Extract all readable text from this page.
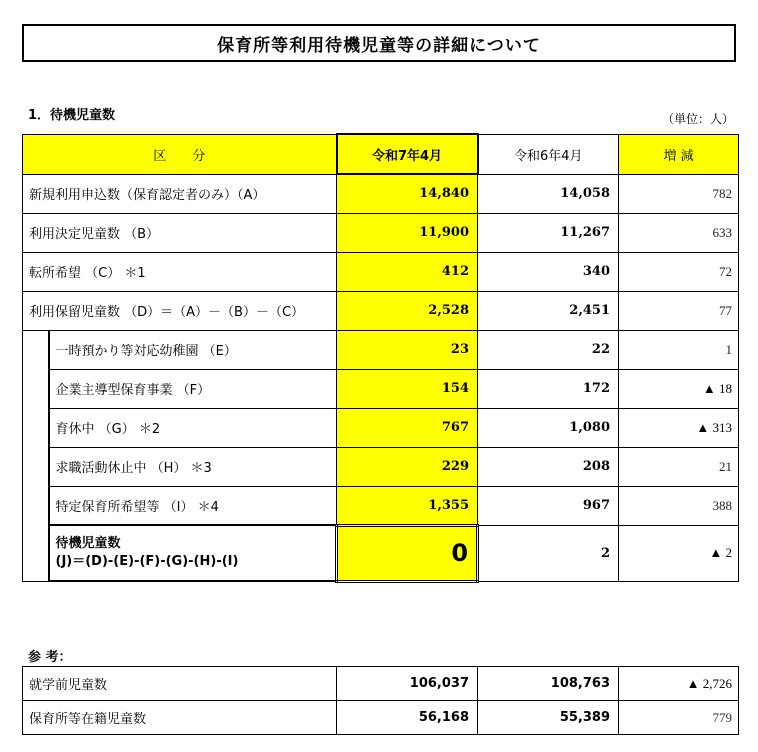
保育所等利用待機児童等の詳細について
1．待機児童数	（単位：人）
区　　分		令和7年4月	令和6年4月	増 減
新規利用申込数（保育認定者のみ）（A）		14,840	14,058	782
利用決定児童数 （B）		11,900	11,267	633
転所希望 （C） ＊1		412	340	72
利用保留児童数 （D）＝（A）－（B）－（C）		2,528	2,451	77
	一時預かり等対応幼稚園 （E）	23	22	1
	企業主導型保育事業 （F）	154	172	▲ 18
	育休中 （G） ＊2	767	1,080	▲ 313
	求職活動休止中 （H） ＊3	229	208	21
	特定保育所希望等 （I） ＊4	1,355	967	388

	待機児童数
(J)＝(D)-(E)-(F)-(G)-(H)-(I)	0	2	▲ 2
参 考：
就学前児童数	106,037	108,763	▲ 2,726
保育所等在籍児童数	56,168	55,389	779
